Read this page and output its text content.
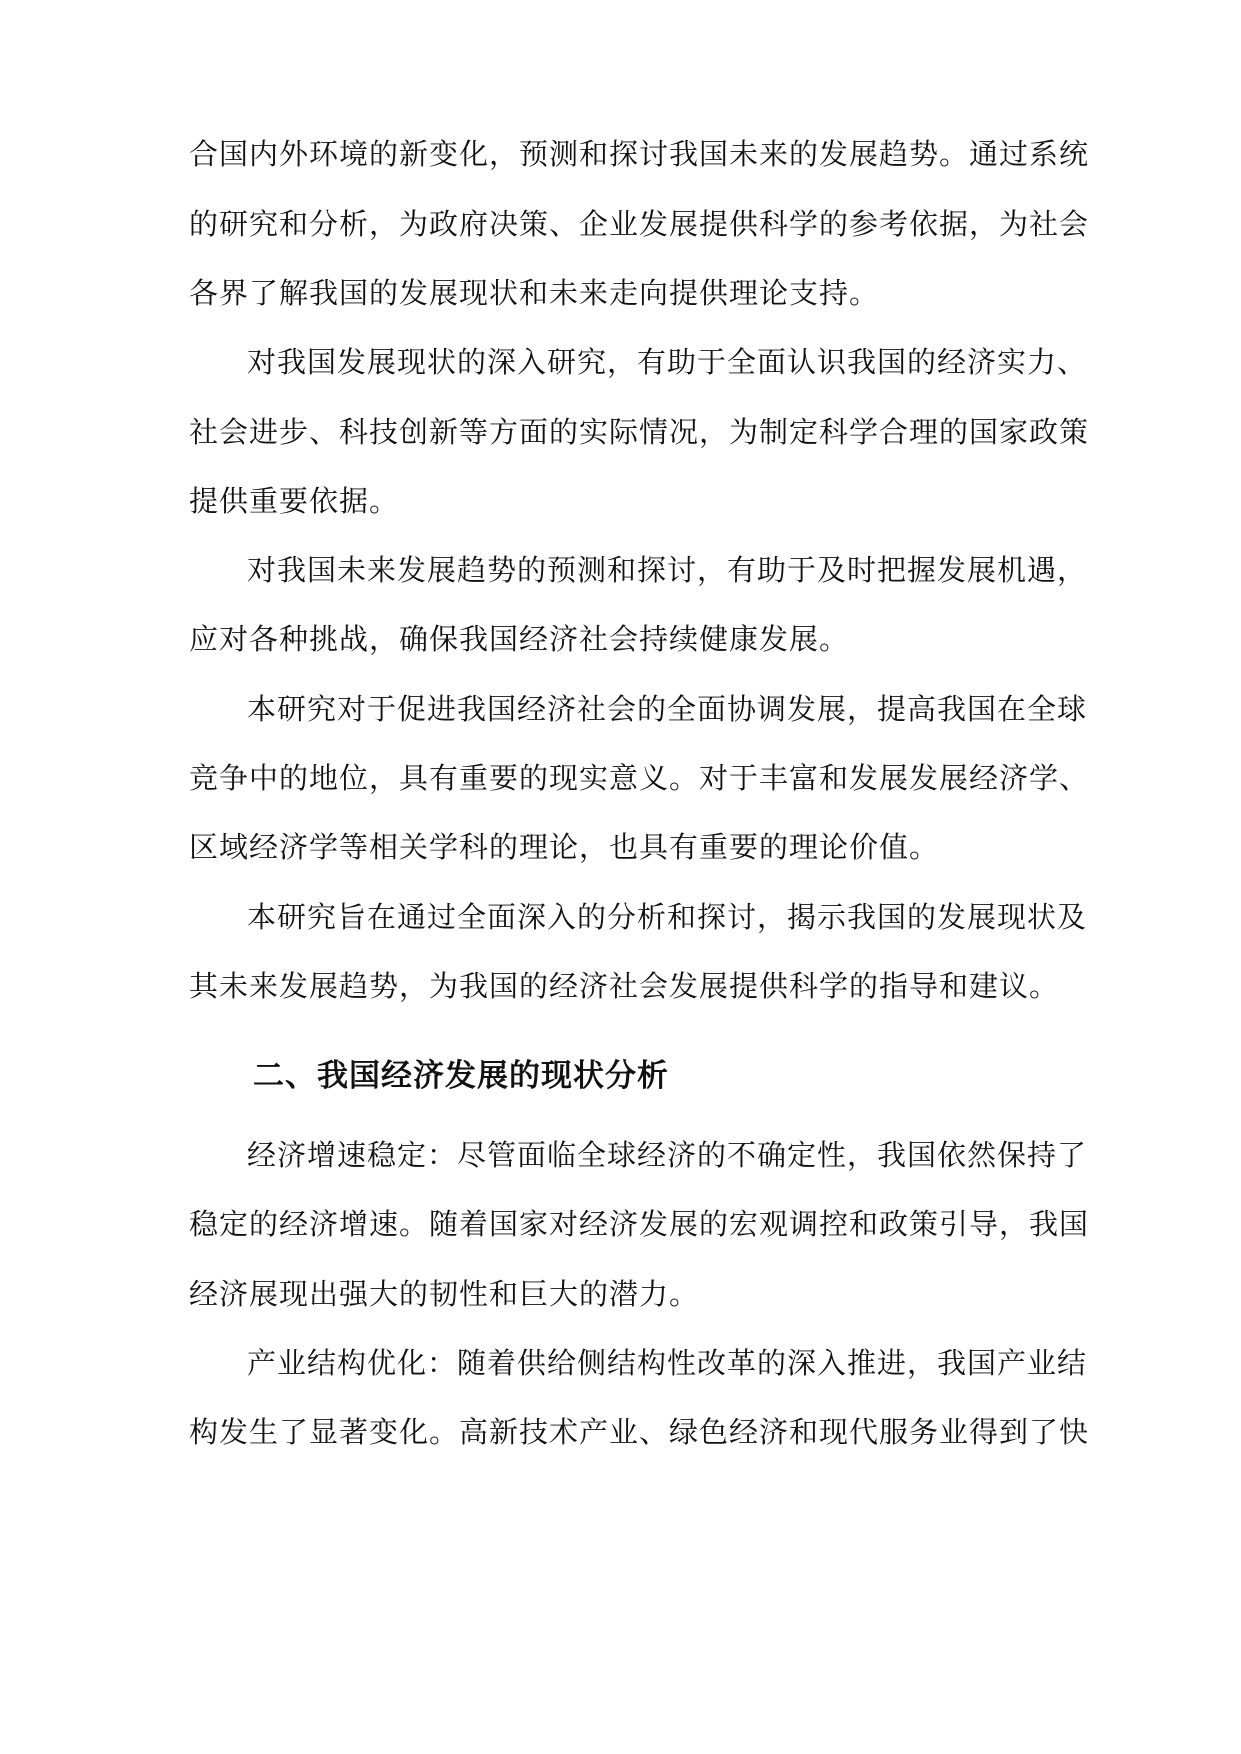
合国内外环境的新变化，预测和探讨我国未来的发展趋势。通过系统
的研究和分析，为政府决策、企业发展提供科学的参考依据，为社会
各界了解我国的发展现状和未来走向提供理论支持。
对我国发展现状的深入研究，有助于全面认识我国的经济实力、
社会进步、科技创新等方面的实际情况，为制定科学合理的国家政策
提供重要依据。
对我国未来发展趋势的预测和探讨，有助于及时把握发展机遇，
应对各种挑战，确保我国经济社会持续健康发展。
本研究对于促进我国经济社会的全面协调发展，提高我国在全球
竞争中的地位，具有重要的现实意义。对于丰富和发展发展经济学、
区域经济学等相关学科的理论，也具有重要的理论价值。
本研究旨在通过全面深入的分析和探讨，揭示我国的发展现状及
其未来发展趋势，为我国的经济社会发展提供科学的指导和建议。
二、我国经济发展的现状分析
经济增速稳定：尽管面临全球经济的不确定性，我国依然保持了
稳定的经济增速。随着国家对经济发展的宏观调控和政策引导，我国
经济展现出强大的韧性和巨大的潜力。
产业结构优化：随着供给侧结构性改革的深入推进，我国产业结
构发生了显著变化。高新技术产业、绿色经济和现代服务业得到了快
